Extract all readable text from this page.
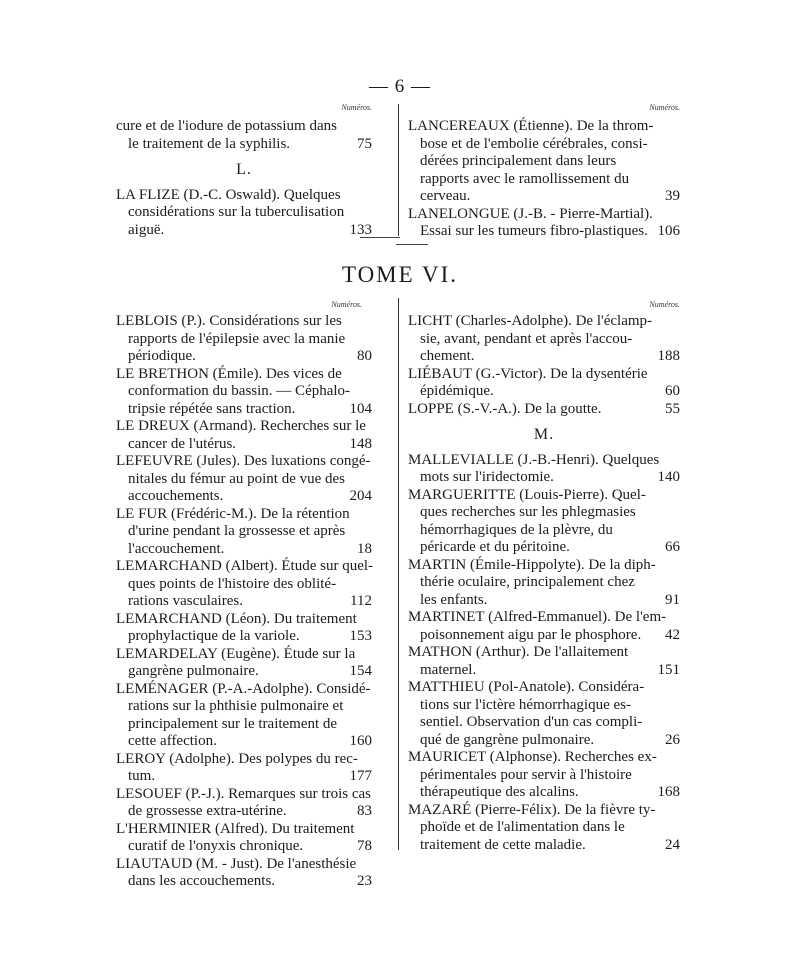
— 6 —
Numéros.	Numéros.
cure et de l'iodure de potassium dans
le traitement de la syphilis.	75
L.
LA FLIZE (D.-C. Oswald). Quelques
considérations sur la tuberculisation
aiguë.	133
LANCEREAUX (Étienne). De la throm-
bose et de l'embolie cérébrales, consi-
dérées principalement dans leurs
rapports avec le ramollissement du
cerveau.	39
LANELONGUE (J.-B. - Pierre-Martial).
Essai sur les tumeurs fibro-plastiques. 106
TOME VI.
Numéros.	Numéros.
LEBLOIS (P.). Considérations sur les
rapports de l'épilepsie avec la manie
périodique.	80
LE BRETHON (Émile). Des vices de
conformation du bassin. — Céphalo-
tripsie répétée sans traction.	104
LE DREUX (Armand). Recherches sur le
cancer de l'utérus.	148
LEFEUVRE (Jules). Des luxations congé-
nitales du fémur au point de vue des
accouchements.	204
LE FUR (Frédéric-M.). De la rétention
d'urine pendant la grossesse et après
l'accouchement.	18
LEMARCHAND (Albert). Étude sur quel-
ques points de l'histoire des oblité-
rations vasculaires.	112
LEMARCHAND (Léon). Du traitement
prophylactique de la variole.	153
LEMARDELAY (Eugène). Étude sur la
gangrène pulmonaire.	154
LEMÉNAGER (P.-A.-Adolphe). Considé-
rations sur la phthisie pulmonaire et
principalement sur le traitement de
cette affection.	160
LEROY (Adolphe). Des polypes du rec-
tum.	177
LESOUEF (P.-J.). Remarques sur trois cas
de grossesse extra-utérine.	83
L'HERMINIER (Alfred). Du traitement
curatif de l'onyxis chronique.	78
LIAUTAUD (M. - Just). De l'anesthésie
dans les accouchements.	23
LICHT (Charles-Adolphe). De l'éclamp-
sie, avant, pendant et après l'accou-
chement.	188
LIÉBAUT (G.-Victor). De la dysentérie
épidémique.	60
LOPPE (S.-V.-A.). De la goutte.	55
M.
MALLEVIALLE (J.-B.-Henri). Quelques
mots sur l'iridectomie.	140
MARGUERITTE (Louis-Pierre). Quel-
ques recherches sur les phlegmasies
hémorrhagiques de la plèvre, du
péricarde et du péritoine.	66
MARTIN (Émile-Hippolyte). De la diph-
thérie oculaire, principalement chez
les enfants.	91
MARTINET (Alfred-Emmanuel). De l'em-
poisonnement aigu par le phosphore.	42
MATHON (Arthur). De l'allaitement
maternel.	151
MATTHIEU (Pol-Anatole). Considéra-
tions sur l'ictère hémorrhagique es-
sentiel. Observation d'un cas compli-
qué de gangrène pulmonaire.	26
MAURICET (Alphonse). Recherches ex-
périmentales pour servir à l'histoire
thérapeutique des alcalins.	168
MAZARÉ (Pierre-Félix). De la fièvre ty-
phoïde et de l'alimentation dans le
traitement de cette maladie.	24
